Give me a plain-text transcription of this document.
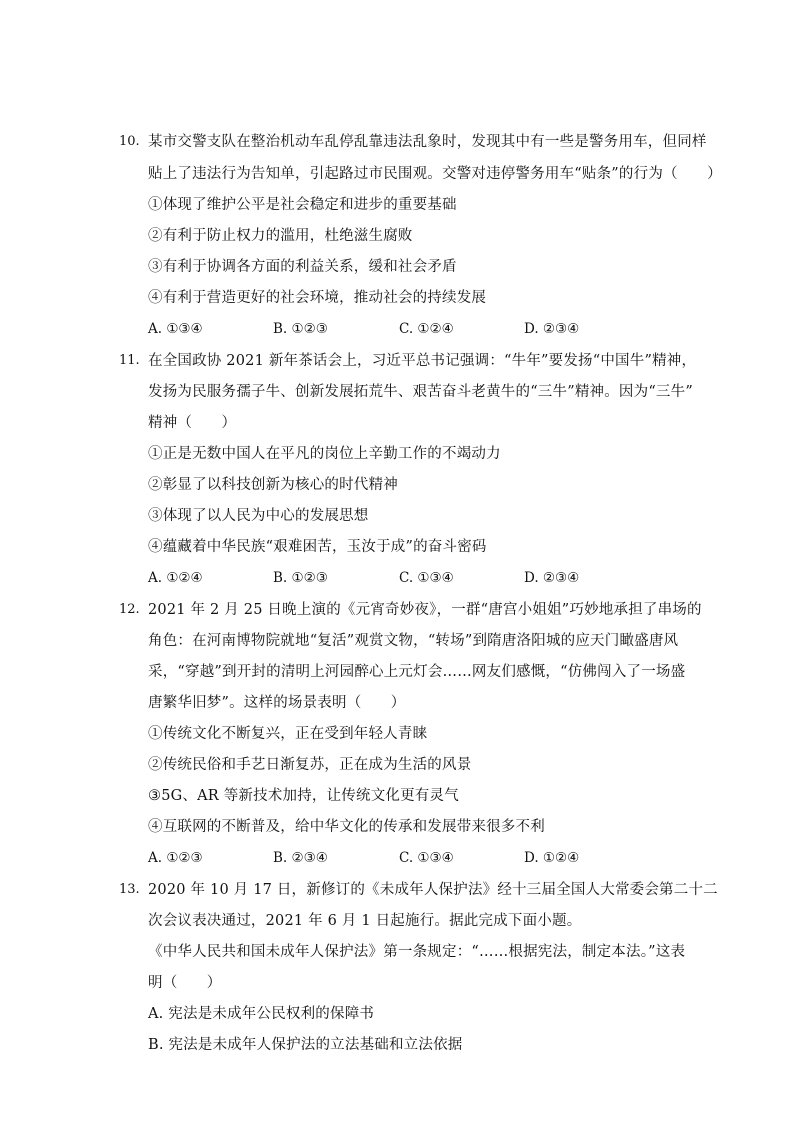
10. 某市交警支队在整治机动车乱停乱靠违法乱象时，发现其中有一些是警务用车，但同样
贴上了违法行为告知单，引起路过市民围观。交警对违停警务用车“贴条”的行为（　　）
①体现了维护公平是社会稳定和进步的重要基础
②有利于防止权力的滥用，杜绝滋生腐败
③有利于协调各方面的利益关系，缓和社会矛盾
④有利于营造更好的社会环境，推动社会的持续发展
A. ①③④	B. ①②③	C. ①②④	D. ②③④
11. 在全国政协 2021 新年茶话会上，习近平总书记强调：“牛年”要发扬“中国牛”精神，
发扬为民服务孺子牛、创新发展拓荒牛、艰苦奋斗老黄牛的“三牛”精神。因为“三牛”
精神（　　）
①正是无数中国人在平凡的岗位上辛勤工作的不竭动力
②彰显了以科技创新为核心的时代精神
③体现了以人民为中心的发展思想
④蕴藏着中华民族“艰难困苦，玉汝于成”的奋斗密码
A. ①②④	B. ①②③	C. ①③④	D. ②③④
12. 2021 年 2 月 25 日晚上演的《元宵奇妙夜》，一群“唐宫小姐姐”巧妙地承担了串场的
角色：在河南博物院就地“复活”观赏文物，“转场”到隋唐洛阳城的应天门瞰盛唐风
采，“穿越”到开封的清明上河园醉心上元灯会……网友们感慨，“仿佛闯入了一场盛
唐繁华旧梦”。这样的场景表明（　　）
①传统文化不断复兴，正在受到年轻人青睐
②传统民俗和手艺日渐复苏，正在成为生活的风景
③5G、AR 等新技术加持，让传统文化更有灵气
④互联网的不断普及，给中华文化的传承和发展带来很多不利
A. ①②③	B. ②③④	C. ①③④	D. ①②④
13. 2020 年 10 月 17 日，新修订的《未成年人保护法》经十三届全国人大常委会第二十二
次会议表决通过，2021 年 6 月 1 日起施行。据此完成下面小题。
《中华人民共和国未成年人保护法》第一条规定：“……根据宪法，制定本法。”这表
明（　　）
A. 宪法是未成年公民权利的保障书
B. 宪法是未成年人保护法的立法基础和立法依据
